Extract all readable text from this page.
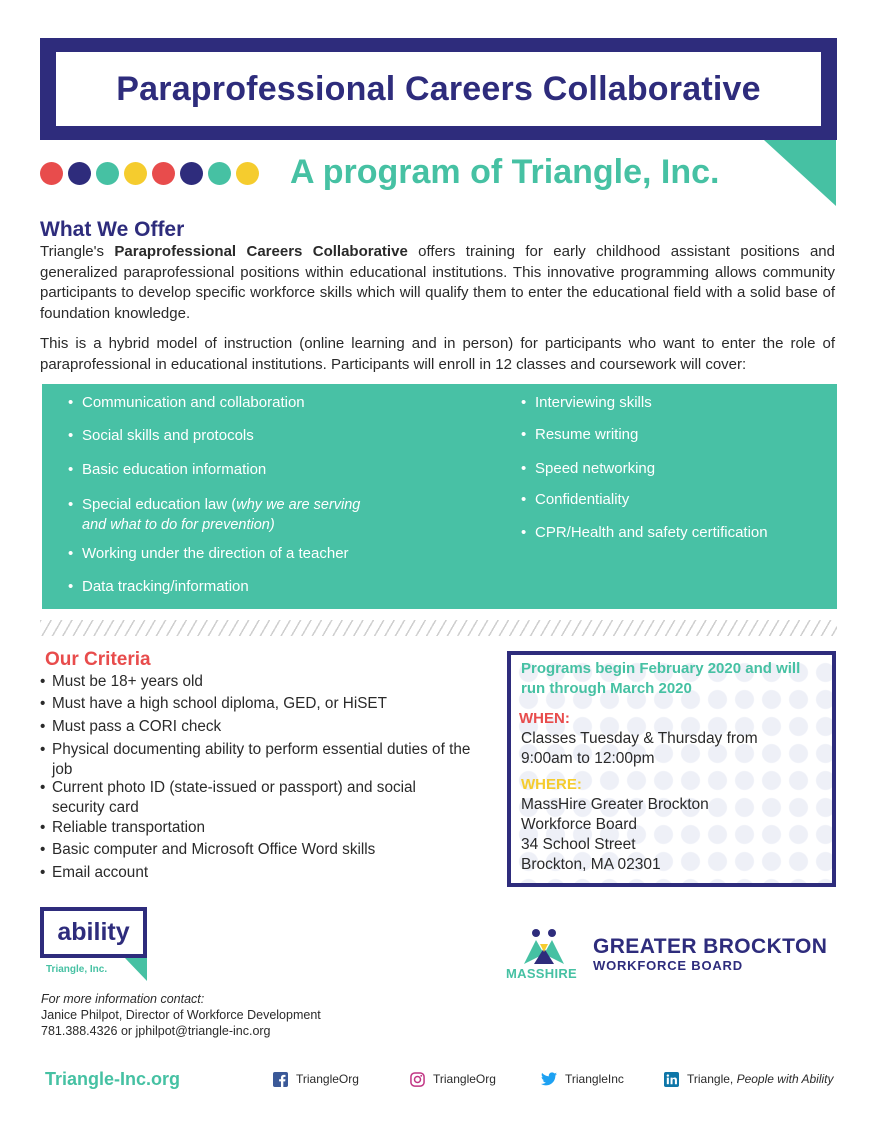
Paraprofessional Careers Collaborative
A program of Triangle, Inc.
What We Offer
Triangle's Paraprofessional Careers Collaborative offers training for early childhood assistant positions and generalized paraprofessional positions within educational institutions. This innovative programming allows community participants to develop specific workforce skills which will qualify them to enter the educational field with a solid base of foundation knowledge.
This is a hybrid model of instruction (online learning and in person) for participants who want to enter the role of paraprofessional in educational institutions. Participants will enroll in 12 classes and coursework will cover:
• Communication and collaboration
• Social skills and protocols
• Basic education information
• Special education law (why we are serving
and what to do for prevention)
• Working under the direction of a teacher
• Data tracking/information
• Interviewing skills
• Resume writing
• Speed networking
• Confidentiality
• CPR/Health and safety certification
Our Criteria
• Must be 18+ years old
• Must have a high school diploma, GED, or HiSET
• Must pass a CORI check
• Physical documenting ability to perform essential duties of the job
• Current photo ID (state-issued or passport) and social security card
• Reliable transportation
• Basic computer and Microsoft Office Word skills
• Email account
Programs begin February 2020 and will run through March 2020
WHEN:
Classes Tuesday & Thursday from
9:00am to 12:00pm
WHERE:
MassHire Greater Brockton
Workforce Board
34 School Street
Brockton, MA 02301
ability
Triangle, Inc.	MASSHIRE
GREATER BROCKTON
WORKFORCE BOARD
For more information contact:
Janice Philpot, Director of Workforce Development
781.388.4326 or jphilpot@triangle-inc.org
Triangle-Inc.org	TriangleOrg	TriangleOrg	TriangleInc	Triangle, People with Ability
